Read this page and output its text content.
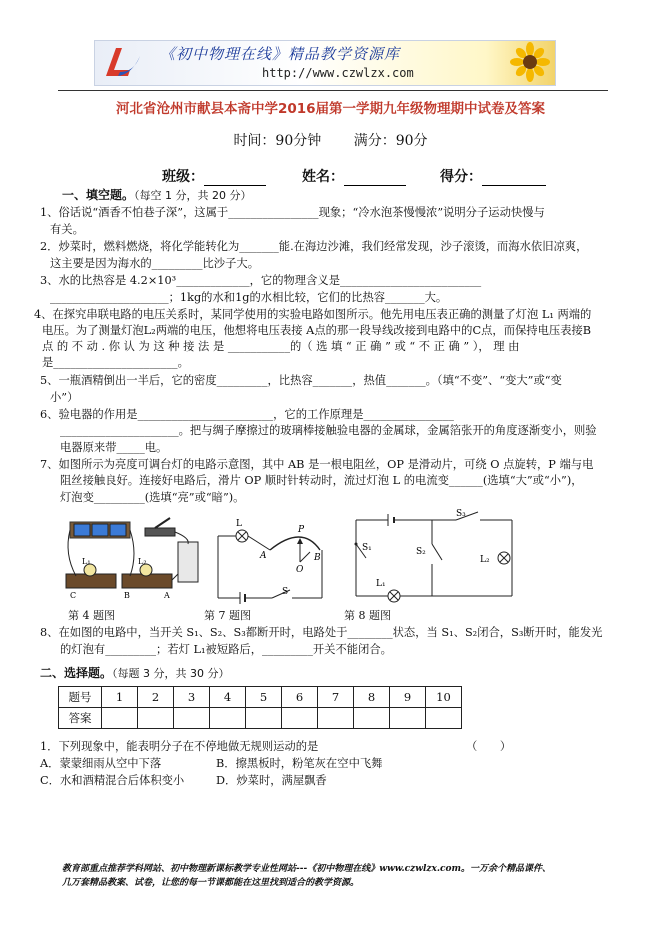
《初中物理在线》精品教学资源库
http://www.czwlzx.com
河北省沧州市献县本斋中学2016届第一学期九年级物理期中试卷及答案
时间：90分钟 满分：90分
班级：	姓名：	得分：
一、填空题。（每空 1 分，共 20 分）
1、俗话说“酒香不怕巷子深”，这属于________________现象；“冷水泡茶慢慢浓”说明分子运动快慢与
有关。
2．炒菜时，燃料燃烧，将化学能转化为_______能.在海边沙滩，我们经常发现，沙子滚烫，而海水依旧凉爽，
这主要是因为海水的_________比沙子大。
3、水的比热容是 4.2×10³_____________，它的物理含义是_________________________
_____________________；1kg的水和1g的水相比较，它们的比热容_______大。
4、在探究串联电路的电压关系时，某同学使用的实验电路如图所示。他先用电压表正确的测量了灯泡 L₁ 两端的
电压。为了测量灯泡L₂两端的电压，他想将电压表接 A点的那一段导线改接到电路中的C点，而保持电压表接B
点 的 不 动 . 你 认 为 这 种 接 法 是 ___________的（ 选 填 “ 正 确 ” 或 “ 不 正 确 ” ）， 理 由
是______________________。
5、一瓶酒精倒出一半后，它的密度_________，比热容_______，热值_______。（填“不变”、“变大”或“变
小”）
6、验电器的作用是________________________，它的工作原理是________________
_____________________。把与绸子摩擦过的玻璃棒接触验电器的金属球，金属箔张开的角度逐渐变小，则验
电器原来带_____电。
7、如图所示为亮度可调台灯的电路示意图，其中 AB 是一根电阻丝，OP 是滑动片，可绕 O 点旋转，P 端与电
阻丝接触良好。连接好电路后，滑片 OP 顺时针转动时，流过灯泡 L 的电流变______(选填“大”或“小”)，
灯泡变_________(选填“亮”或“暗”)。
L₁	L₂
C	B	A
L
P
A	B
O
S
S₃
S₁	S₂
L₂
L₁
第 4 题图	第 7 题图	第 8 题图
8、在如图的电路中，当开关 S₁、S₂、S₃都断开时，电路处于________状态，当 S₁、S₂闭合，S₃断开时，能发光
的灯泡有_________；若灯 L₁被短路后，_________开关不能闭合。
二、选择题。（每题 3 分，共 30 分）
题号	1	2	3	4	5	6	7	8	9	10
答案										
1．下列现象中，能表明分子在不停地做无规则运动的是	（　　）
A．蒙蒙细雨从空中下落	B．擦黑板时，粉笔灰在空中飞舞
C．水和酒精混合后体积变小	D．炒菜时，满屋飘香
教育部重点推荐学科网站、初中物理新课标教学专业性网站---《初中物理在线》www.czwlzx.com。一万余个精品课件、
几万套精品教案、试卷，让您的每一节课都能在这里找到适合的教学资源。
